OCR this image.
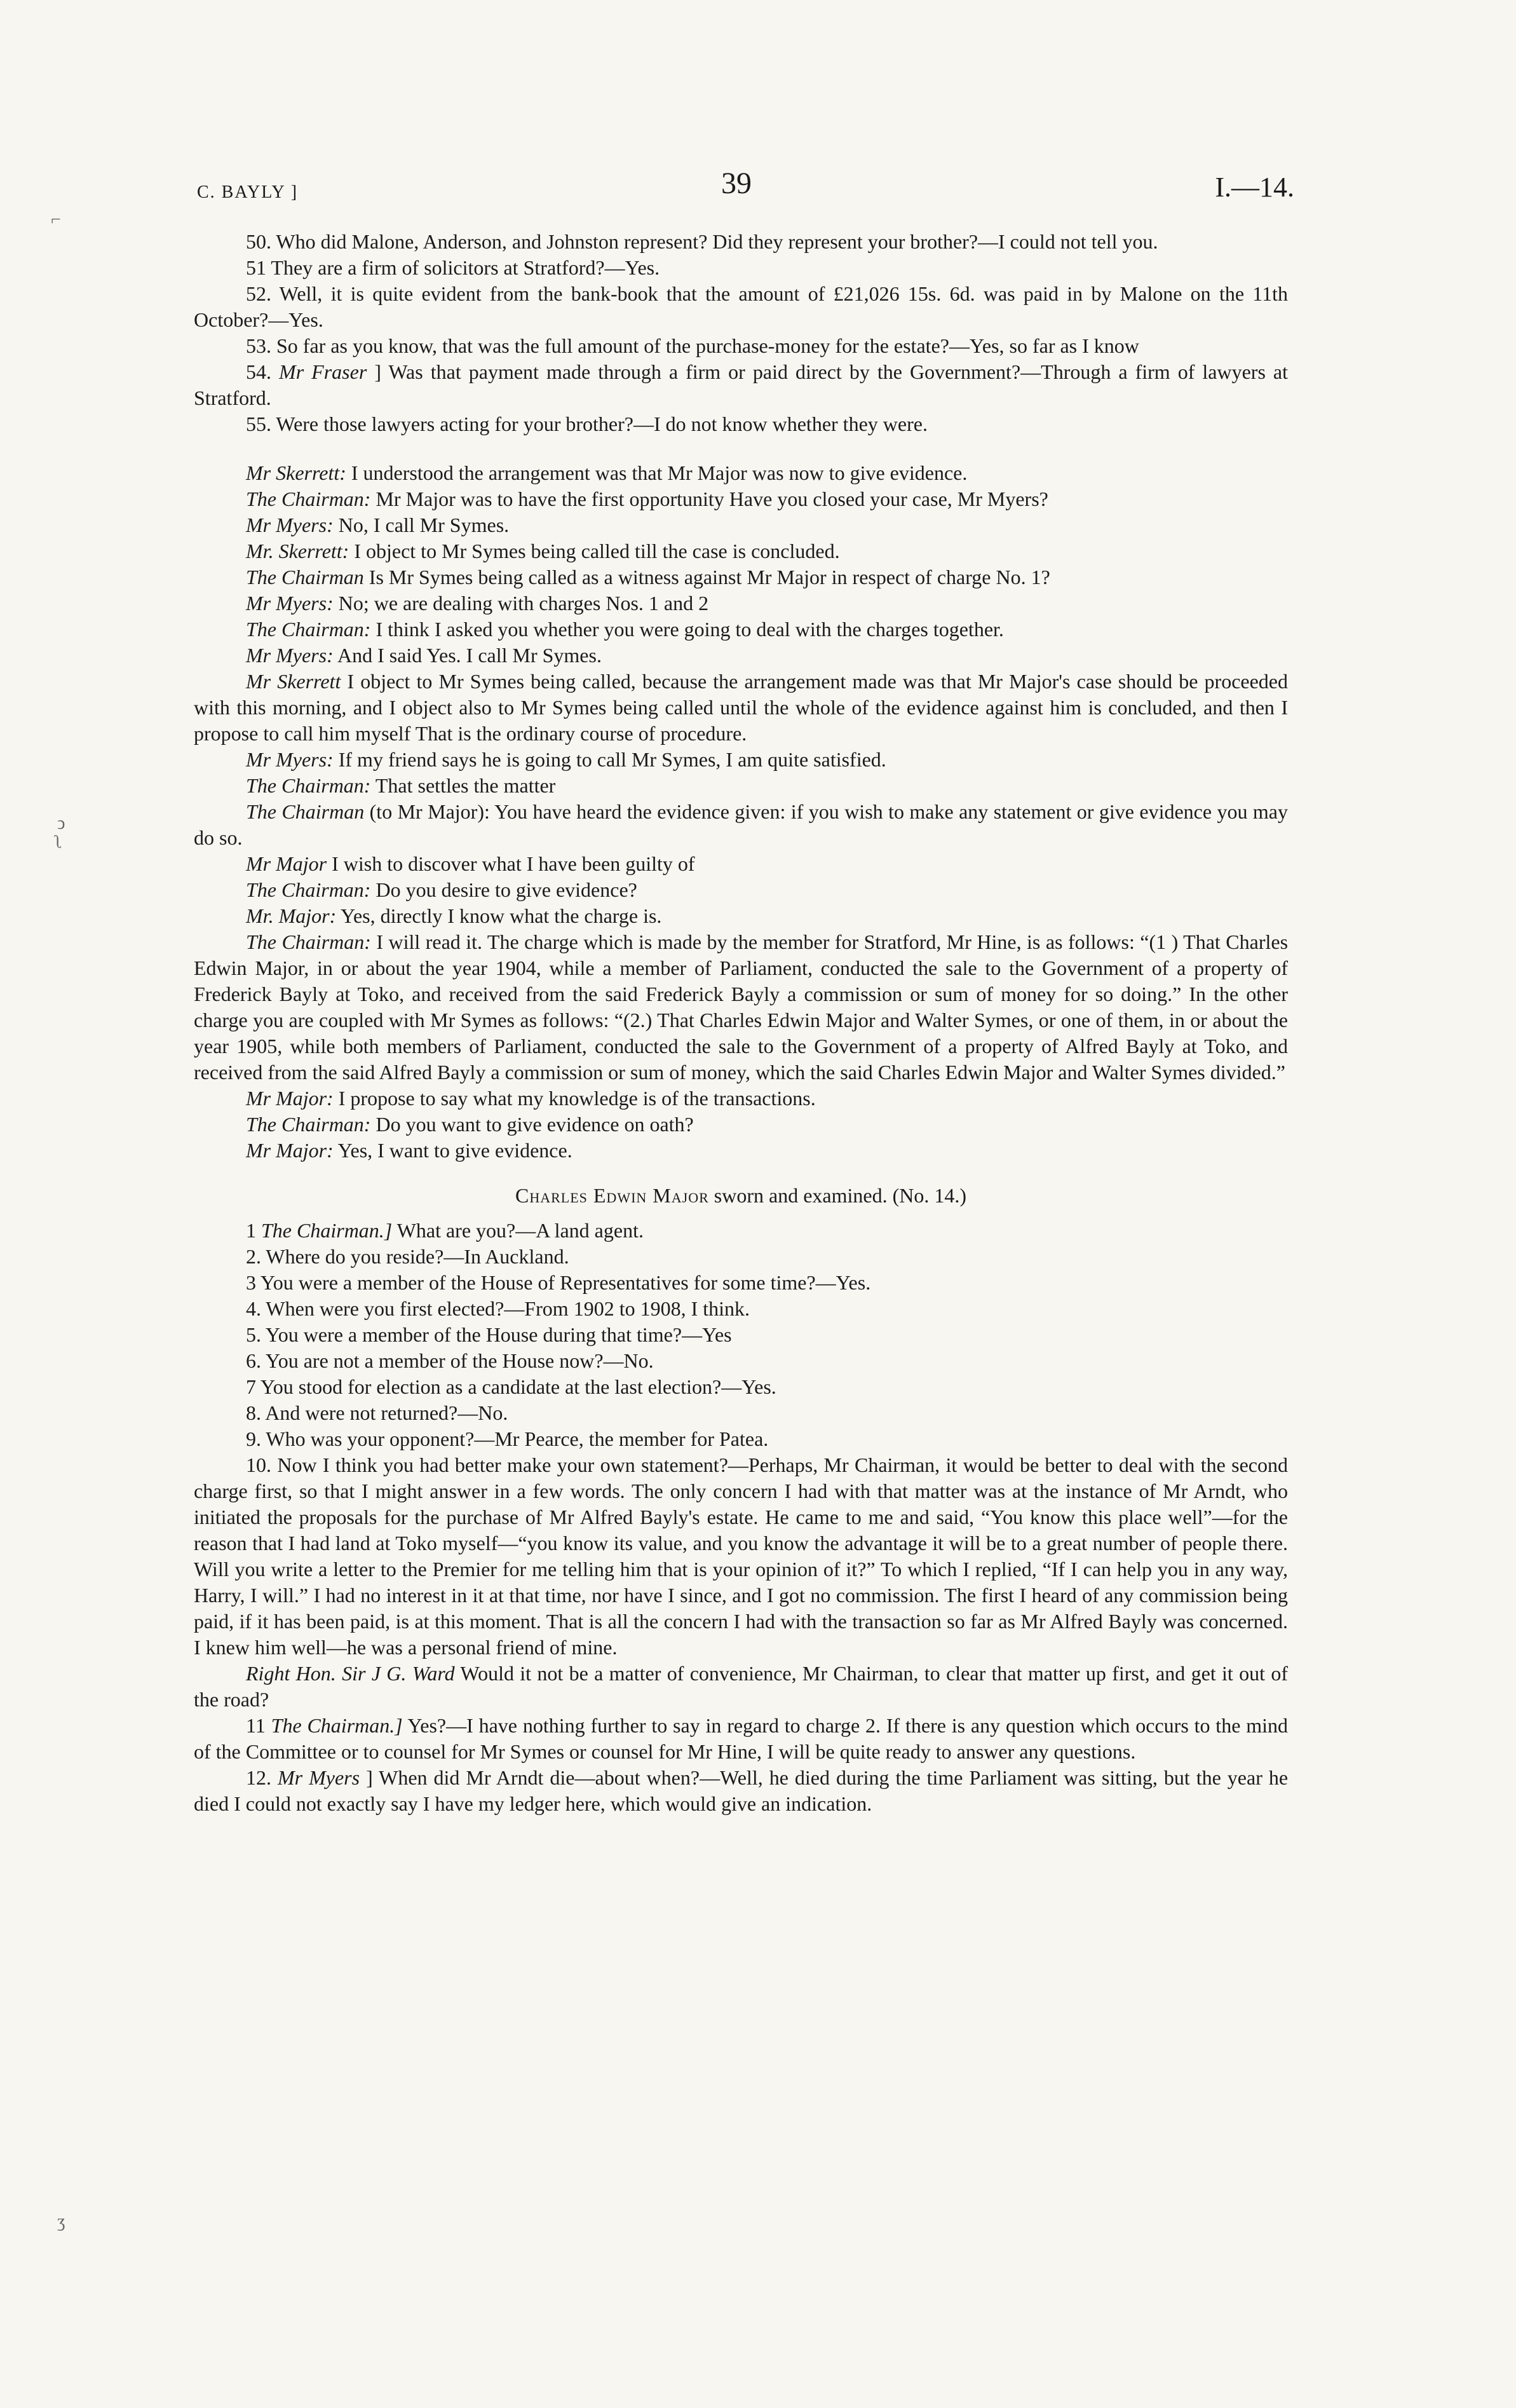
⌐
ͻ
ʅ
ʒ
C. BAYLY ]	39	I.—14.

50. Who did Malone, Anderson, and Johnston represent? Did they represent your brother?—I could not tell you.

51 They are a firm of solicitors at Stratford?—Yes.

52. Well, it is quite evident from the bank-book that the amount of £21,026 15s. 6d. was paid in by Malone on the 11th October?—Yes.

53. So far as you know, that was the full amount of the purchase-money for the estate?—Yes, so far as I know

54. Mr Fraser ] Was that payment made through a firm or paid direct by the Government?—Through a firm of lawyers at Stratford.

55. Were those lawyers acting for your brother?—I do not know whether they were.

Mr Skerrett: I understood the arrangement was that Mr Major was now to give evidence.

The Chairman: Mr Major was to have the first opportunity Have you closed your case, Mr Myers?

Mr Myers: No, I call Mr Symes.

Mr. Skerrett: I object to Mr Symes being called till the case is concluded.

The Chairman Is Mr Symes being called as a witness against Mr Major in respect of charge No. 1?

Mr Myers: No; we are dealing with charges Nos. 1 and 2

The Chairman: I think I asked you whether you were going to deal with the charges together.

Mr Myers: And I said Yes. I call Mr Symes.

Mr Skerrett I object to Mr Symes being called, because the arrangement made was that Mr Major's case should be proceeded with this morning, and I object also to Mr Symes being called until the whole of the evidence against him is concluded, and then I propose to call him myself That is the ordinary course of procedure.

Mr Myers: If my friend says he is going to call Mr Symes, I am quite satisfied.

The Chairman: That settles the matter

The Chairman (to Mr Major): You have heard the evidence given: if you wish to make any statement or give evidence you may do so.

Mr Major I wish to discover what I have been guilty of

The Chairman: Do you desire to give evidence?

Mr. Major: Yes, directly I know what the charge is.

The Chairman: I will read it. The charge which is made by the member for Stratford, Mr Hine, is as follows: “(1 ) That Charles Edwin Major, in or about the year 1904, while a member of Parliament, conducted the sale to the Government of a property of Frederick Bayly at Toko, and received from the said Frederick Bayly a commission or sum of money for so doing.” In the other charge you are coupled with Mr Symes as follows: “(2.) That Charles Edwin Major and Walter Symes, or one of them, in or about the year 1905, while both members of Parliament, conducted the sale to the Government of a property of Alfred Bayly at Toko, and received from the said Alfred Bayly a commission or sum of money, which the said Charles Edwin Major and Walter Symes divided.”

Mr Major: I propose to say what my knowledge is of the transactions.

The Chairman: Do you want to give evidence on oath?

Mr Major: Yes, I want to give evidence.

Charles Edwin Major sworn and examined. (No. 14.)

1 The Chairman.] What are you?—A land agent.

2. Where do you reside?—In Auckland.

3 You were a member of the House of Representatives for some time?—Yes.

4. When were you first elected?—From 1902 to 1908, I think.

5. You were a member of the House during that time?—Yes

6. You are not a member of the House now?—No.

7 You stood for election as a candidate at the last election?—Yes.

8. And were not returned?—No.

9. Who was your opponent?—Mr Pearce, the member for Patea.

10. Now I think you had better make your own statement?—Perhaps, Mr Chairman, it would be better to deal with the second charge first, so that I might answer in a few words. The only concern I had with that matter was at the instance of Mr Arndt, who initiated the proposals for the purchase of Mr Alfred Bayly's estate. He came to me and said, “You know this place well”—for the reason that I had land at Toko myself—“you know its value, and you know the advantage it will be to a great number of people there. Will you write a letter to the Premier for me telling him that is your opinion of it?” To which I replied, “If I can help you in any way, Harry, I will.” I had no interest in it at that time, nor have I since, and I got no commission. The first I heard of any commission being paid, if it has been paid, is at this moment. That is all the concern I had with the transaction so far as Mr Alfred Bayly was concerned. I knew him well—he was a personal friend of mine.

Right Hon. Sir J G. Ward Would it not be a matter of convenience, Mr Chairman, to clear that matter up first, and get it out of the road?

11 The Chairman.] Yes?—I have nothing further to say in regard to charge 2. If there is any question which occurs to the mind of the Committee or to counsel for Mr Symes or counsel for Mr Hine, I will be quite ready to answer any questions.

12. Mr Myers ] When did Mr Arndt die—about when?—Well, he died during the time Parliament was sitting, but the year he died I could not exactly say I have my ledger here, which would give an indication.
